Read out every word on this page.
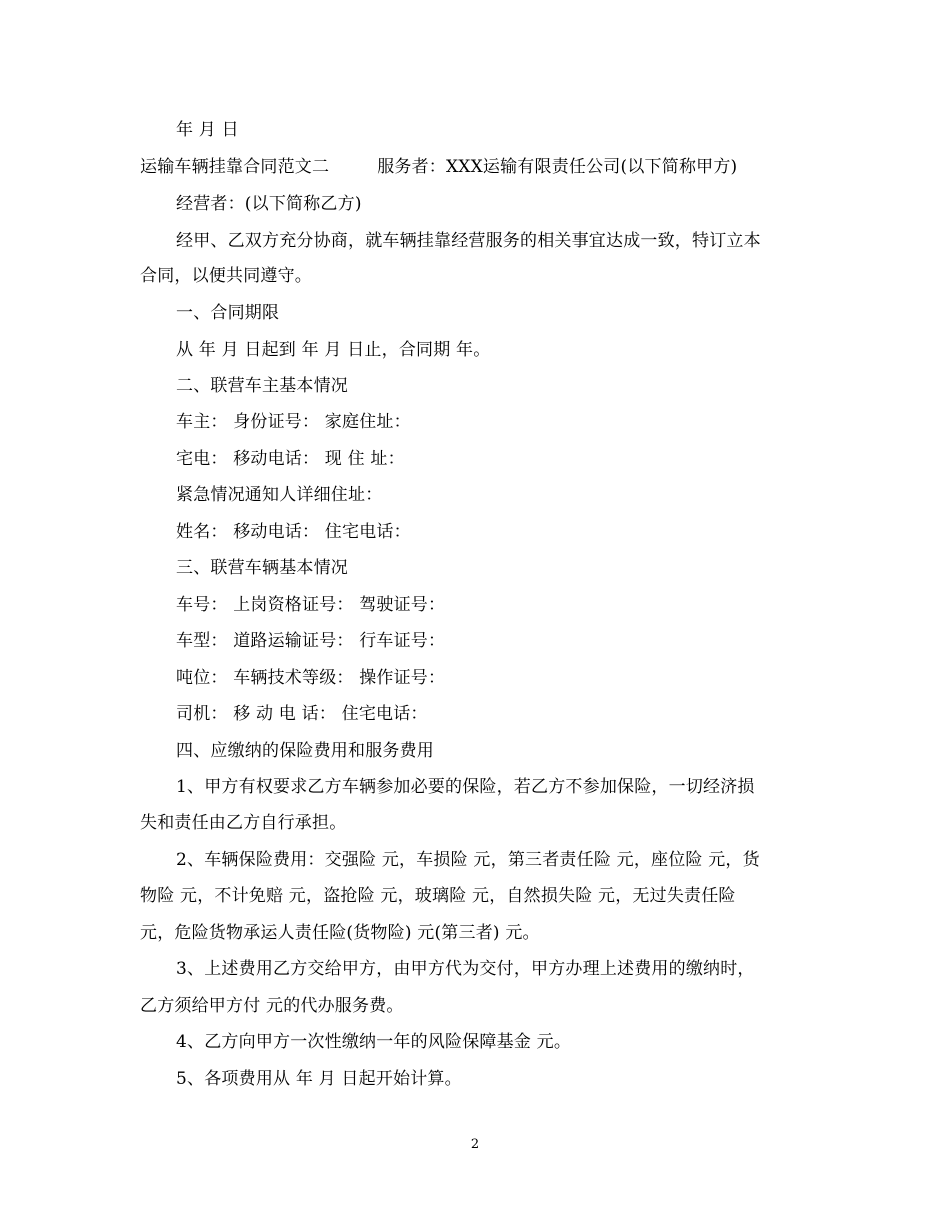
年 月 日
运输车辆挂靠合同范文二	服务者：XXX运输有限责任公司(以下简称甲方)
经营者：(以下简称乙方)
经甲、乙双方充分协商，就车辆挂靠经营服务的相关事宜达成一致，特订立本
合同，以便共同遵守。
一、合同期限
从 年 月 日起到 年 月 日止，合同期 年。
二、联营车主基本情况
车主： 身份证号： 家庭住址：
宅电： 移动电话： 现 住 址：
紧急情况通知人详细住址：
姓名： 移动电话： 住宅电话：
三、联营车辆基本情况
车号： 上岗资格证号： 驾驶证号：
车型： 道路运输证号： 行车证号：
吨位： 车辆技术等级： 操作证号：
司机： 移 动 电 话： 住宅电话：
四、应缴纳的保险费用和服务费用
1、甲方有权要求乙方车辆参加必要的保险，若乙方不参加保险，一切经济损
失和责任由乙方自行承担。
2、车辆保险费用：交强险 元，车损险 元，第三者责任险 元，座位险 元，货
物险 元，不计免赔 元，盗抢险 元，玻璃险 元，自然损失险 元，无过失责任险
元，危险货物承运人责任险(货物险) 元(第三者) 元。
3、上述费用乙方交给甲方，由甲方代为交付，甲方办理上述费用的缴纳时，
乙方须给甲方付 元的代办服务费。
4、乙方向甲方一次性缴纳一年的风险保障基金 元。
5、各项费用从 年 月 日起开始计算。
2
